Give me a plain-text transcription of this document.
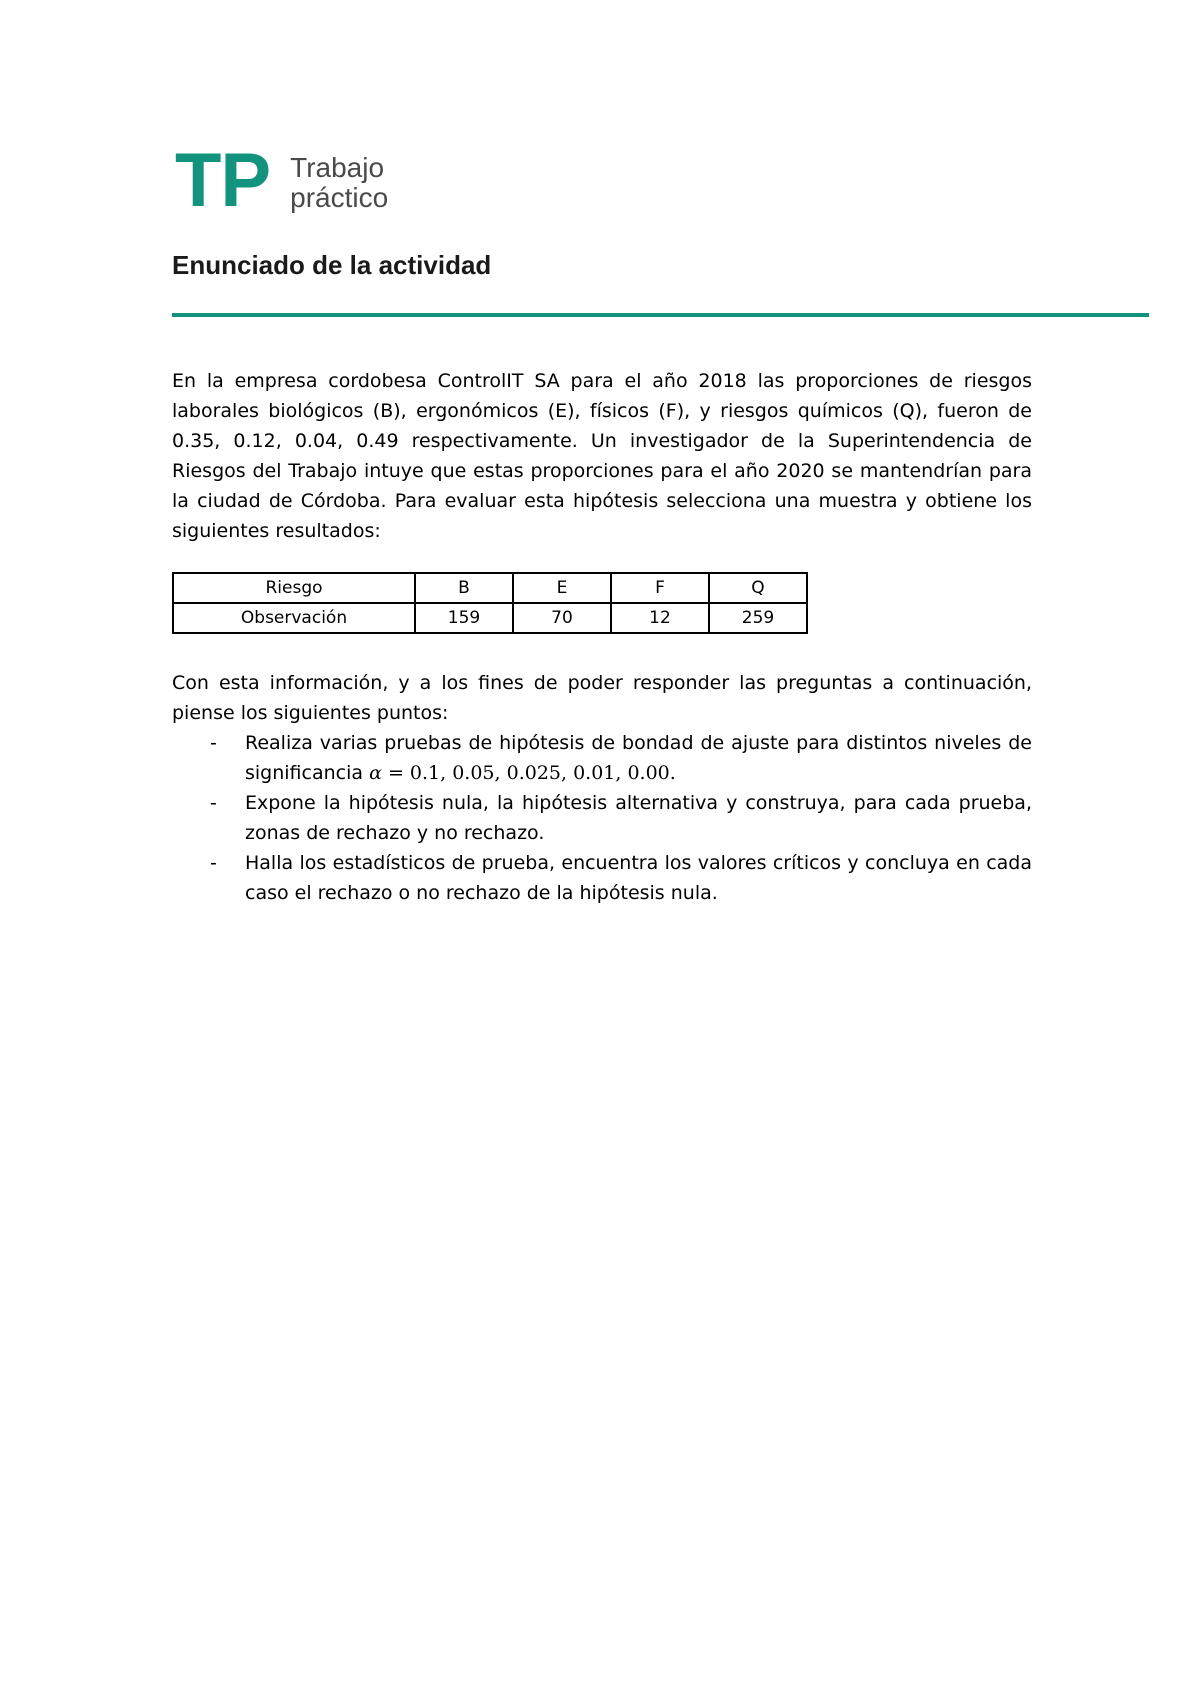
TP Trabajo
práctico
Enunciado de la actividad

En la empresa cordobesa ControlIT SA para el año 2018 las proporciones de riesgos laborales biológicos (B), ergonómicos (E), físicos (F), y riesgos químicos (Q), fueron de 0.35, 0.12, 0.04, 0.49 respectivamente. Un investigador de la Superintendencia de Riesgos del Trabajo intuye que estas proporciones para el año 2020 se mantendrían para la ciudad de Córdoba. Para evaluar esta hipótesis selecciona una muestra y obtiene los siguientes resultados:

Riesgo	B	E	F	Q
Observación	159	70	12	259

Con esta información, y a los fines de poder responder las preguntas a continuación, piense los siguientes puntos:

-	Realiza varias pruebas de hipótesis de bondad de ajuste para distintos niveles de significancia α = 0.1, 0.05, 0.025, 0.01, 0.00.
-	Expone la hipótesis nula, la hipótesis alternativa y construya, para cada prueba, zonas de rechazo y no rechazo.
-	Halla los estadísticos de prueba, encuentra los valores críticos y concluya en cada caso el rechazo o no rechazo de la hipótesis nula.
